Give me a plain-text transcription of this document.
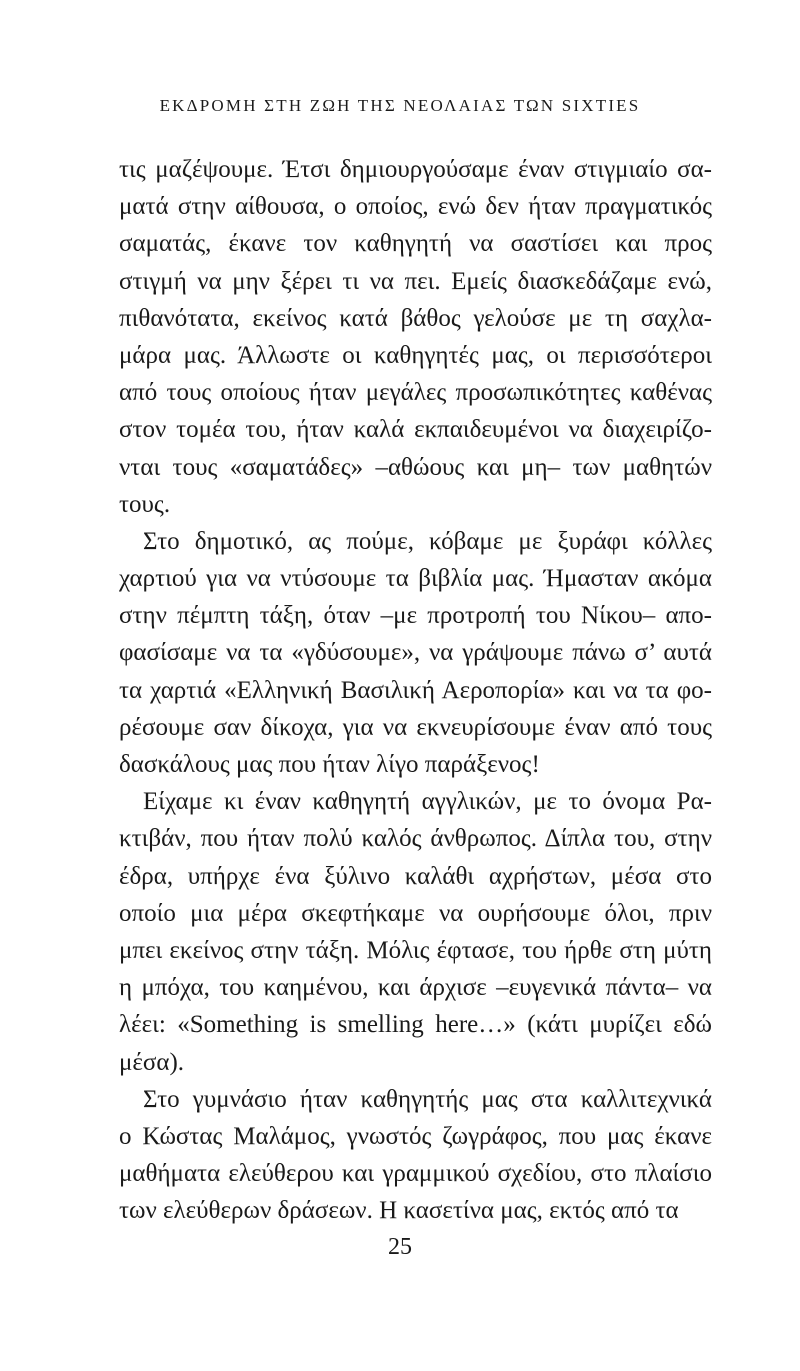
ΕΚΔΡΟΜΗ ΣΤΗ ΖΩΗ ΤΗΣ ΝΕΟΛΑΙΑΣ ΤΩΝ SIXTIES
τις μαζέψουμε. Έτσι δημιουργούσαμε έναν στιγμιαίο σα-
ματά στην αίθουσα, ο οποίος, ενώ δεν ήταν πραγματικός
σαματάς, έκανε τον καθηγητή να σαστίσει και προς
στιγμή να μην ξέρει τι να πει. Εμείς διασκεδάζαμε ενώ,
πιθανότατα, εκείνος κατά βάθος γελούσε με τη σαχλα-
μάρα μας. Άλλωστε οι καθηγητές μας, οι περισσότεροι
από τους οποίους ήταν μεγάλες προσωπικότητες καθένας
στον τομέα του, ήταν καλά εκπαιδευμένοι να διαχειρίζο-
νται τους «σαματάδες» –αθώους και μη– των μαθητών
τους.
Στο δημοτικό, ας πούμε, κόβαμε με ξυράφι κόλλες
χαρτιού για να ντύσουμε τα βιβλία μας. Ήμασταν ακόμα
στην πέμπτη τάξη, όταν –με προτροπή του Νίκου– απο-
φασίσαμε να τα «γδύσουμε», να γράψουμε πάνω σ’ αυτά
τα χαρτιά «Ελληνική Βασιλική Αεροπορία» και να τα φο-
ρέσουμε σαν δίκοχα, για να εκνευρίσουμε έναν από τους
δασκάλους μας που ήταν λίγο παράξενος!
Είχαμε κι έναν καθηγητή αγγλικών, με το όνομα Ρα-
κτιβάν, που ήταν πολύ καλός άνθρωπος. Δίπλα του, στην
έδρα, υπήρχε ένα ξύλινο καλάθι αχρήστων, μέσα στο
οποίο μια μέρα σκεφτήκαμε να ουρήσουμε όλοι, πριν
μπει εκείνος στην τάξη. Μόλις έφτασε, του ήρθε στη μύτη
η μπόχα, του καημένου, και άρχισε –ευγενικά πάντα– να
λέει: «Something is smelling here…» (κάτι μυρίζει εδώ
μέσα).
Στο γυμνάσιο ήταν καθηγητής μας στα καλλιτεχνικά
ο Κώστας Μαλάμος, γνωστός ζωγράφος, που μας έκανε
μαθήματα ελεύθερου και γραμμικού σχεδίου, στο πλαίσιο
των ελεύθερων δράσεων. Η κασετίνα μας, εκτός από τα
25
